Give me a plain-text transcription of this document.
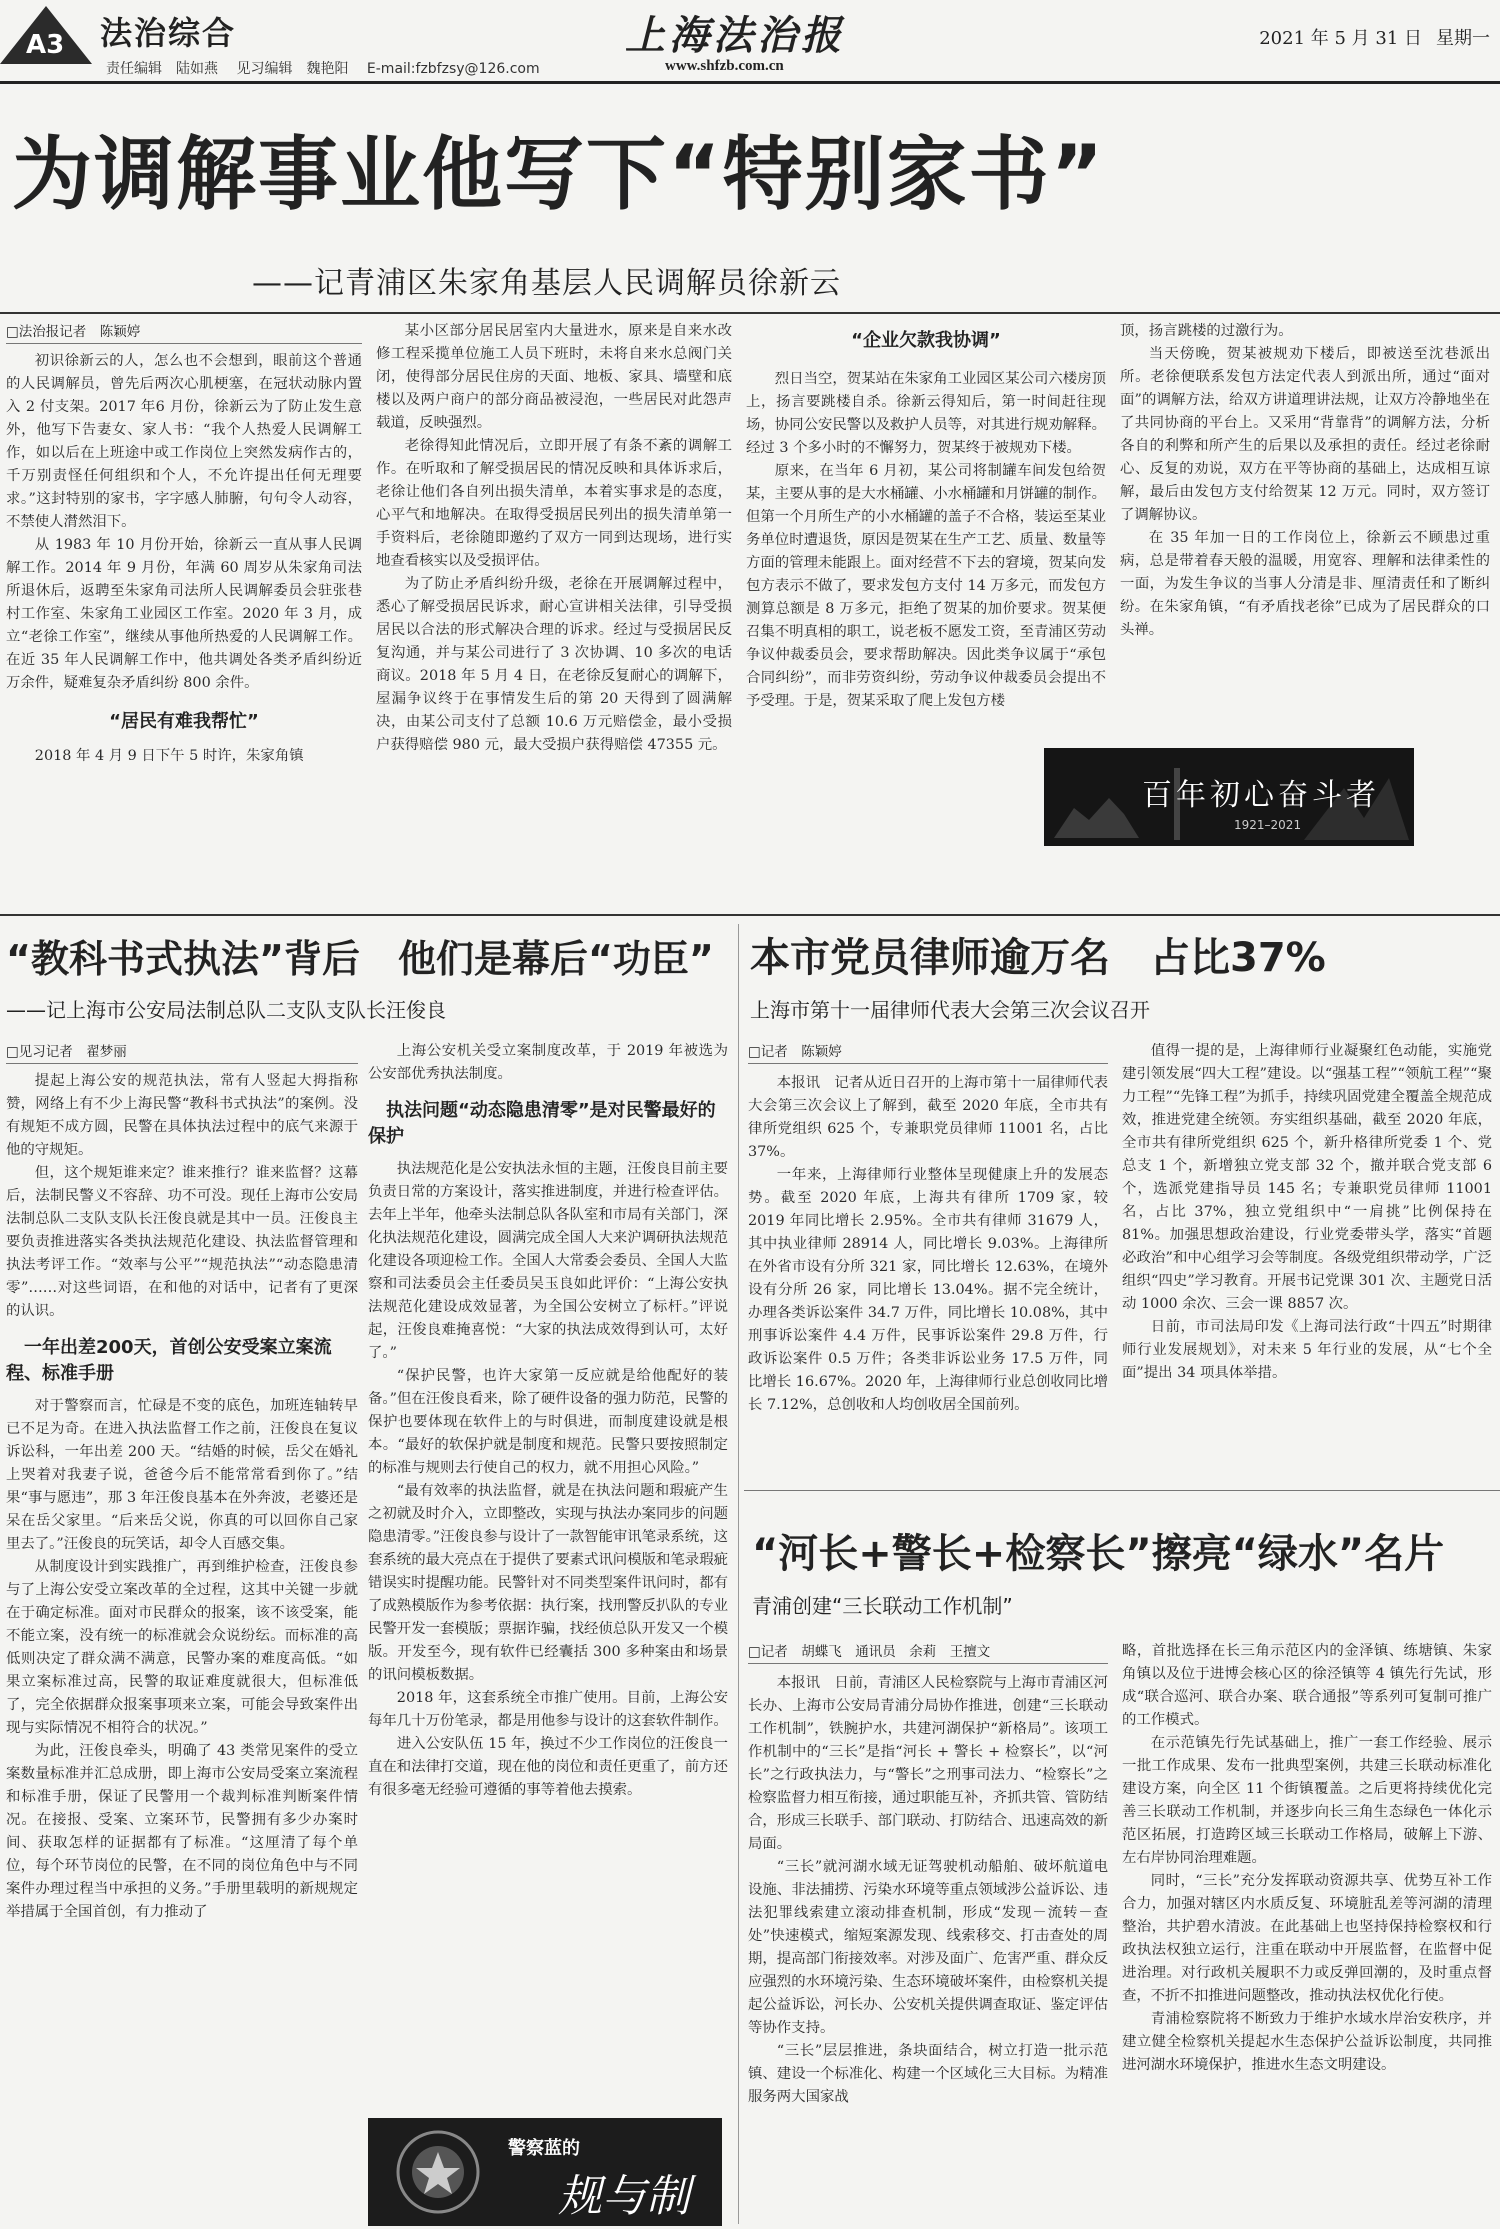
A3 法治综合
责任编辑 陆如燕 见习编辑 魏艳阳 E-mail:fzbfzsy@126.com
上海法治报
www.shfzb.com.cn
2021 年 5 月 31 日 星期一
为调解事业他写下“特别家书”
——记青浦区朱家角基层人民调解员徐新云
□法治报记者　陈颖婷

初识徐新云的人，怎么也不会想到，眼前这个普通的人民调解员，曾先后两次心肌梗塞，在冠状动脉内置入 2 付支架。2017 年6 月份，徐新云为了防止发生意外，他写下告妻女、家人书：“我个人热爱人民调解工作，如以后在上班途中或工作岗位上突然发病作古的，千万别责怪任何组织和个人，不允许提出任何无理要求。”这封特别的家书，字字感人肺腑，句句令人动容，不禁使人潸然泪下。

从 1983 年 10 月份开始，徐新云一直从事人民调解工作。2014 年 9 月份，年满 60 周岁从朱家角司法所退休后，返聘至朱家角司法所人民调解委员会驻张巷村工作室、朱家角工业园区工作室。2020 年 3 月，成立“老徐工作室”，继续从事他所热爱的人民调解工作。在近 35 年人民调解工作中，他共调处各类矛盾纠纷近万余件，疑难复杂矛盾纠纷 800 余件。

“居民有难我帮忙”

2018 年 4 月 9 日下午 5 时许，朱家角镇

某小区部分居民居室内大量进水，原来是自来水改修工程采揽单位施工人员下班时，未将自来水总阀门关闭，使得部分居民住房的天面、地板、家具、墙壁和底楼以及两户商户的部分商品被浸泡，一些居民对此怨声载道，反映强烈。

老徐得知此情况后，立即开展了有条不紊的调解工作。在听取和了解受损居民的情况反映和具体诉求后，老徐让他们各自列出损失清单，本着实事求是的态度，心平气和地解决。在取得受损居民列出的损失清单第一手资料后，老徐随即邀约了双方一同到达现场，进行实地查看核实以及受损评估。

为了防止矛盾纠纷升级，老徐在开展调解过程中，悉心了解受损居民诉求，耐心宣讲相关法律，引导受损居民以合法的形式解决合理的诉求。经过与受损居民反复沟通，并与某公司进行了 3 次协调、10 多次的电话商议。2018 年 5 月 4 日，在老徐反复耐心的调解下，屋漏争议终于在事情发生后的第 20 天得到了圆满解决，由某公司支付了总额 10.6 万元赔偿金，最小受损户获得赔偿 980 元，最大受损户获得赔偿 47355 元。

“企业欠款我协调”

烈日当空，贺某站在朱家角工业园区某公司六楼房顶上，扬言要跳楼自杀。徐新云得知后，第一时间赶往现场，协同公安民警以及救护人员等，对其进行规劝解释。经过 3 个多小时的不懈努力，贺某终于被规劝下楼。

原来，在当年 6 月初，某公司将制罐车间发包给贺某，主要从事的是大水桶罐、小水桶罐和月饼罐的制作。但第一个月所生产的小水桶罐的盖子不合格，装运至某业务单位时遭退货，原因是贺某在生产工艺、质量、数量等方面的管理未能跟上。面对经营不下去的窘境，贺某向发包方表示不做了，要求发包方支付 14 万多元，而发包方测算总额是 8 万多元，拒绝了贺某的加价要求。贺某便召集不明真相的职工，说老板不愿发工资，至青浦区劳动争议仲裁委员会，要求帮助解决。因此类争议属于“承包合同纠纷”，而非劳资纠纷，劳动争议仲裁委员会提出不予受理。于是，贺某采取了爬上发包方楼

顶，扬言跳楼的过激行为。

当天傍晚，贺某被规劝下楼后，即被送至沈巷派出所。老徐便联系发包方法定代表人到派出所，通过“面对面”的调解方法，给双方讲道理讲法规，让双方冷静地坐在了共同协商的平台上。又采用“背靠背”的调解方法，分析各自的利弊和所产生的后果以及承担的责任。经过老徐耐心、反复的劝说，双方在平等协商的基础上，达成相互谅解，最后由发包方支付给贺某 12 万元。同时，双方签订了调解协议。

在 35 年加一日的工作岗位上，徐新云不顾患过重病，总是带着春天般的温暖，用宽容、理解和法律柔性的一面，为发生争议的当事人分清是非、厘清责任和了断纠纷。在朱家角镇，“有矛盾找老徐”已成为了居民群众的口头禅。

百年初心奋斗者
1921–2021
“教科书式执法”背后　他们是幕后“功臣”
——记上海市公安局法制总队二支队支队长汪俊良
□见习记者　翟梦丽

提起上海公安的规范执法，常有人竖起大拇指称赞，网络上有不少上海民警“教科书式执法”的案例。没有规矩不成方圆，民警在具体执法过程中的底气来源于他的守规矩。

但，这个规矩谁来定？谁来推行？谁来监督？这幕后，法制民警义不容辞、功不可没。现任上海市公安局法制总队二支队支队长汪俊良就是其中一员。汪俊良主要负责推进落实各类执法规范化建设、执法监督管理和执法考评工作。“效率与公平”“规范执法”“动态隐患清零”……对这些词语，在和他的对话中，记者有了更深的认识。

一年出差200天，首创公安受案立案流程、标准手册

对于警察而言，忙碌是不变的底色，加班连轴转早已不足为奇。在进入执法监督工作之前，汪俊良在复议诉讼科，一年出差 200 天。“结婚的时候，岳父在婚礼上哭着对我妻子说，爸爸今后不能常常看到你了。”结果“事与愿违”，那 3 年汪俊良基本在外奔波，老婆还是呆在岳父家里。“后来岳父说，你真的可以回你自己家里去了。”汪俊良的玩笑话，却令人百感交集。

从制度设计到实践推广，再到维护检查，汪俊良参与了上海公安受立案改革的全过程，这其中关键一步就在于确定标准。面对市民群众的报案，该不该受案，能不能立案，没有统一的标准就会众说纷纭。而标准的高低则决定了群众满不满意，民警办案的难度高低。“如果立案标准过高，民警的取证难度就很大，但标准低了，完全依据群众报案事项来立案，可能会导致案件出现与实际情况不相符合的状况。”

为此，汪俊良牵头，明确了 43 类常见案件的受立案数量标准并汇总成册，即上海市公安局受案立案流程和标准手册，保证了民警用一个裁判标准判断案件情况。在接报、受案、立案环节，民警拥有多少办案时间、获取怎样的证据都有了标准。“这厘清了每个单位，每个环节岗位的民警，在不同的岗位角色中与不同案件办理过程当中承担的义务。”手册里载明的新规规定举措属于全国首创，有力推动了

上海公安机关受立案制度改革，于 2019 年被选为公安部优秀执法制度。

执法问题“动态隐患清零”是对民警最好的保护

执法规范化是公安执法永恒的主题，汪俊良目前主要负责日常的方案设计，落实推进制度，并进行检查评估。去年上半年，他牵头法制总队各队室和市局有关部门，深化执法规范化建设，圆满完成全国人大来沪调研执法规范化建设各项迎检工作。全国人大常委会委员、全国人大监察和司法委员会主任委员吴玉良如此评价：“上海公安执法规范化建设成效显著，为全国公安树立了标杆。”评说起，汪俊良难掩喜悦：“大家的执法成效得到认可，太好了。”

“保护民警，也许大家第一反应就是给他配好的装备。”但在汪俊良看来，除了硬件设备的强力防范，民警的保护也要体现在软件上的与时俱进，而制度建设就是根本。“最好的软保护就是制度和规范。民警只要按照制定的标准与规则去行使自己的权力，就不用担心风险。”

“最有效率的执法监督，就是在执法问题和瑕疵产生之初就及时介入，立即整改，实现与执法办案同步的问题隐患清零。”汪俊良参与设计了一款智能审讯笔录系统，这套系统的最大亮点在于提供了要素式讯问模版和笔录瑕疵错误实时提醒功能。民警针对不同类型案件讯问时，都有了成熟模版作为参考依据：执行案，找刑警反扒队的专业民警开发一套模版；票据诈骗，找经侦总队开发又一个模版。开发至今，现有软件已经囊括 300 多种案由和场景的讯问模板数据。

2018 年，这套系统全市推广使用。目前，上海公安每年几十万份笔录，都是用他参与设计的这套软件制作。

进入公安队伍 15 年，换过不少工作岗位的汪俊良一直在和法律打交道，现在他的岗位和责任更重了，前方还有很多毫无经验可遵循的事等着他去摸索。

警察蓝的
规与制
本市党员律师逾万名　占比37%
上海市第十一届律师代表大会第三次会议召开
□记者　陈颖婷

本报讯　记者从近日召开的上海市第十一届律师代表大会第三次会议上了解到，截至 2020 年底，全市共有律所党组织 625 个，专兼职党员律师 11001 名，占比 37%。

一年来，上海律师行业整体呈现健康上升的发展态势。截至 2020 年底，上海共有律所 1709 家，较 2019 年同比增长 2.95%。全市共有律师 31679 人，其中执业律师 28914 人，同比增长 9.03%。上海律所在外省市设有分所 321 家，同比增长 12.63%，在境外设有分所 26 家，同比增长 13.04%。据不完全统计，办理各类诉讼案件 34.7 万件，同比增长 10.08%，其中刑事诉讼案件 4.4 万件，民事诉讼案件 29.8 万件，行政诉讼案件 0.5 万件；各类非诉讼业务 17.5 万件，同比增长 16.67%。2020 年，上海律师行业总创收同比增长 7.12%，总创收和人均创收居全国前列。

值得一提的是，上海律师行业凝聚红色动能，实施党建引领发展“四大工程”建设。以“强基工程”“领航工程”“聚力工程”“先锋工程”为抓手，持续巩固党建全覆盖全规范成效，推进党建全统领。夯实组织基础，截至 2020 年底，全市共有律所党组织 625 个，新升格律所党委 1 个、党总支 1 个，新增独立党支部 32 个，撤并联合党支部 6 个，选派党建指导员 145 名；专兼职党员律师 11001 名，占比 37%，独立党组织中“一肩挑”比例保持在 81%。加强思想政治建设，行业党委带头学，落实“首题必政治”和中心组学习会等制度。各级党组织带动学，广泛组织“四史”学习教育。开展书记党课 301 次、主题党日活动 1000 余次、三会一课 8857 次。

日前，市司法局印发《上海司法行政“十四五”时期律师行业发展规划》，对未来 5 年行业的发展，从“七个全面”提出 34 项具体举措。

“河长+警长+检察长”擦亮“绿水”名片
青浦创建“三长联动工作机制”
□记者　胡蝶飞　通讯员　余莉　王擅文

本报讯　日前，青浦区人民检察院与上海市青浦区河长办、上海市公安局青浦分局协作推进，创建“三长联动工作机制”，铁腕护水，共建河湖保护“新格局”。该项工作机制中的“三长”是指“河长 + 警长 + 检察长”，以“河长”之行政执法力，与“警长”之刑事司法力、“检察长”之检察监督力相互衔接，通过职能互补，齐抓共管、管防结合，形成三长联手、部门联动、打防结合、迅速高效的新局面。

“三长”就河湖水域无证驾驶机动船舶、破坏航道电设施、非法捕捞、污染水环境等重点领域涉公益诉讼、违法犯罪线索建立滚动排查机制，形成“发现－流转－查处”快速模式，缩短案源发现、线索移交、打击查处的周期，提高部门衔接效率。对涉及面广、危害严重、群众反应强烈的水环境污染、生态环境破坏案件，由检察机关提起公益诉讼，河长办、公安机关提供调查取证、鉴定评估等协作支持。

“三长”层层推进，条块面结合，树立打造一批示范镇、建设一个标准化、构建一个区域化三大目标。为精准服务两大国家战

略，首批选择在长三角示范区内的金泽镇、练塘镇、朱家角镇以及位于进博会核心区的徐泾镇等 4 镇先行先试，形成“联合巡河、联合办案、联合通报”等系列可复制可推广的工作模式。

在示范镇先行先试基础上，推广一套工作经验、展示一批工作成果、发布一批典型案例，共建三长联动标准化建设方案，向全区 11 个街镇覆盖。之后更将持续优化完善三长联动工作机制，并逐步向长三角生态绿色一体化示范区拓展，打造跨区域三长联动工作格局，破解上下游、左右岸协同治理难题。

同时，“三长”充分发挥联动资源共享、优势互补工作合力，加强对辖区内水质反复、环境脏乱差等河湖的清理整治，共护碧水清波。在此基础上也坚持保持检察权和行政执法权独立运行，注重在联动中开展监督，在监督中促进治理。对行政机关履职不力或反弹回潮的，及时重点督查，不折不扣推进问题整改，推动执法权优化行使。

青浦检察院将不断致力于维护水域水岸治安秩序，并建立健全检察机关提起水生态保护公益诉讼制度，共同推进河湖水环境保护，推进水生态文明建设。
